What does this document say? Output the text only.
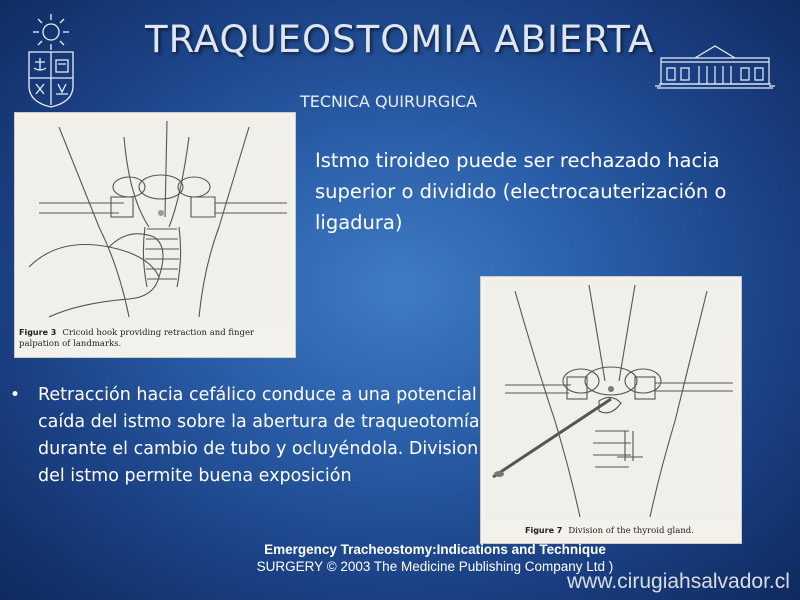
TRAQUEOSTOMIA ABIERTA
TECNICA QUIRURGICA
Figure 3 Cricoid hook providing retraction and finger palpation of landmarks.

Istmo tiroideo puede ser rechazado hacia superior o dividido (electrocauterización o ligadura)

Figure 7 Division of the thyroid gland.
• Retracción hacia cefálico conduce a una potencial caída del istmo sobre la abertura de traqueotomía durante el cambio de tubo y ocluyéndola. Division del istmo permite buena exposición
Emergency Tracheostomy:Indications and Technique
SURGERY © 2003 The Medicine Publishing Company Ltd )
www.cirugiahsalvador.cl
